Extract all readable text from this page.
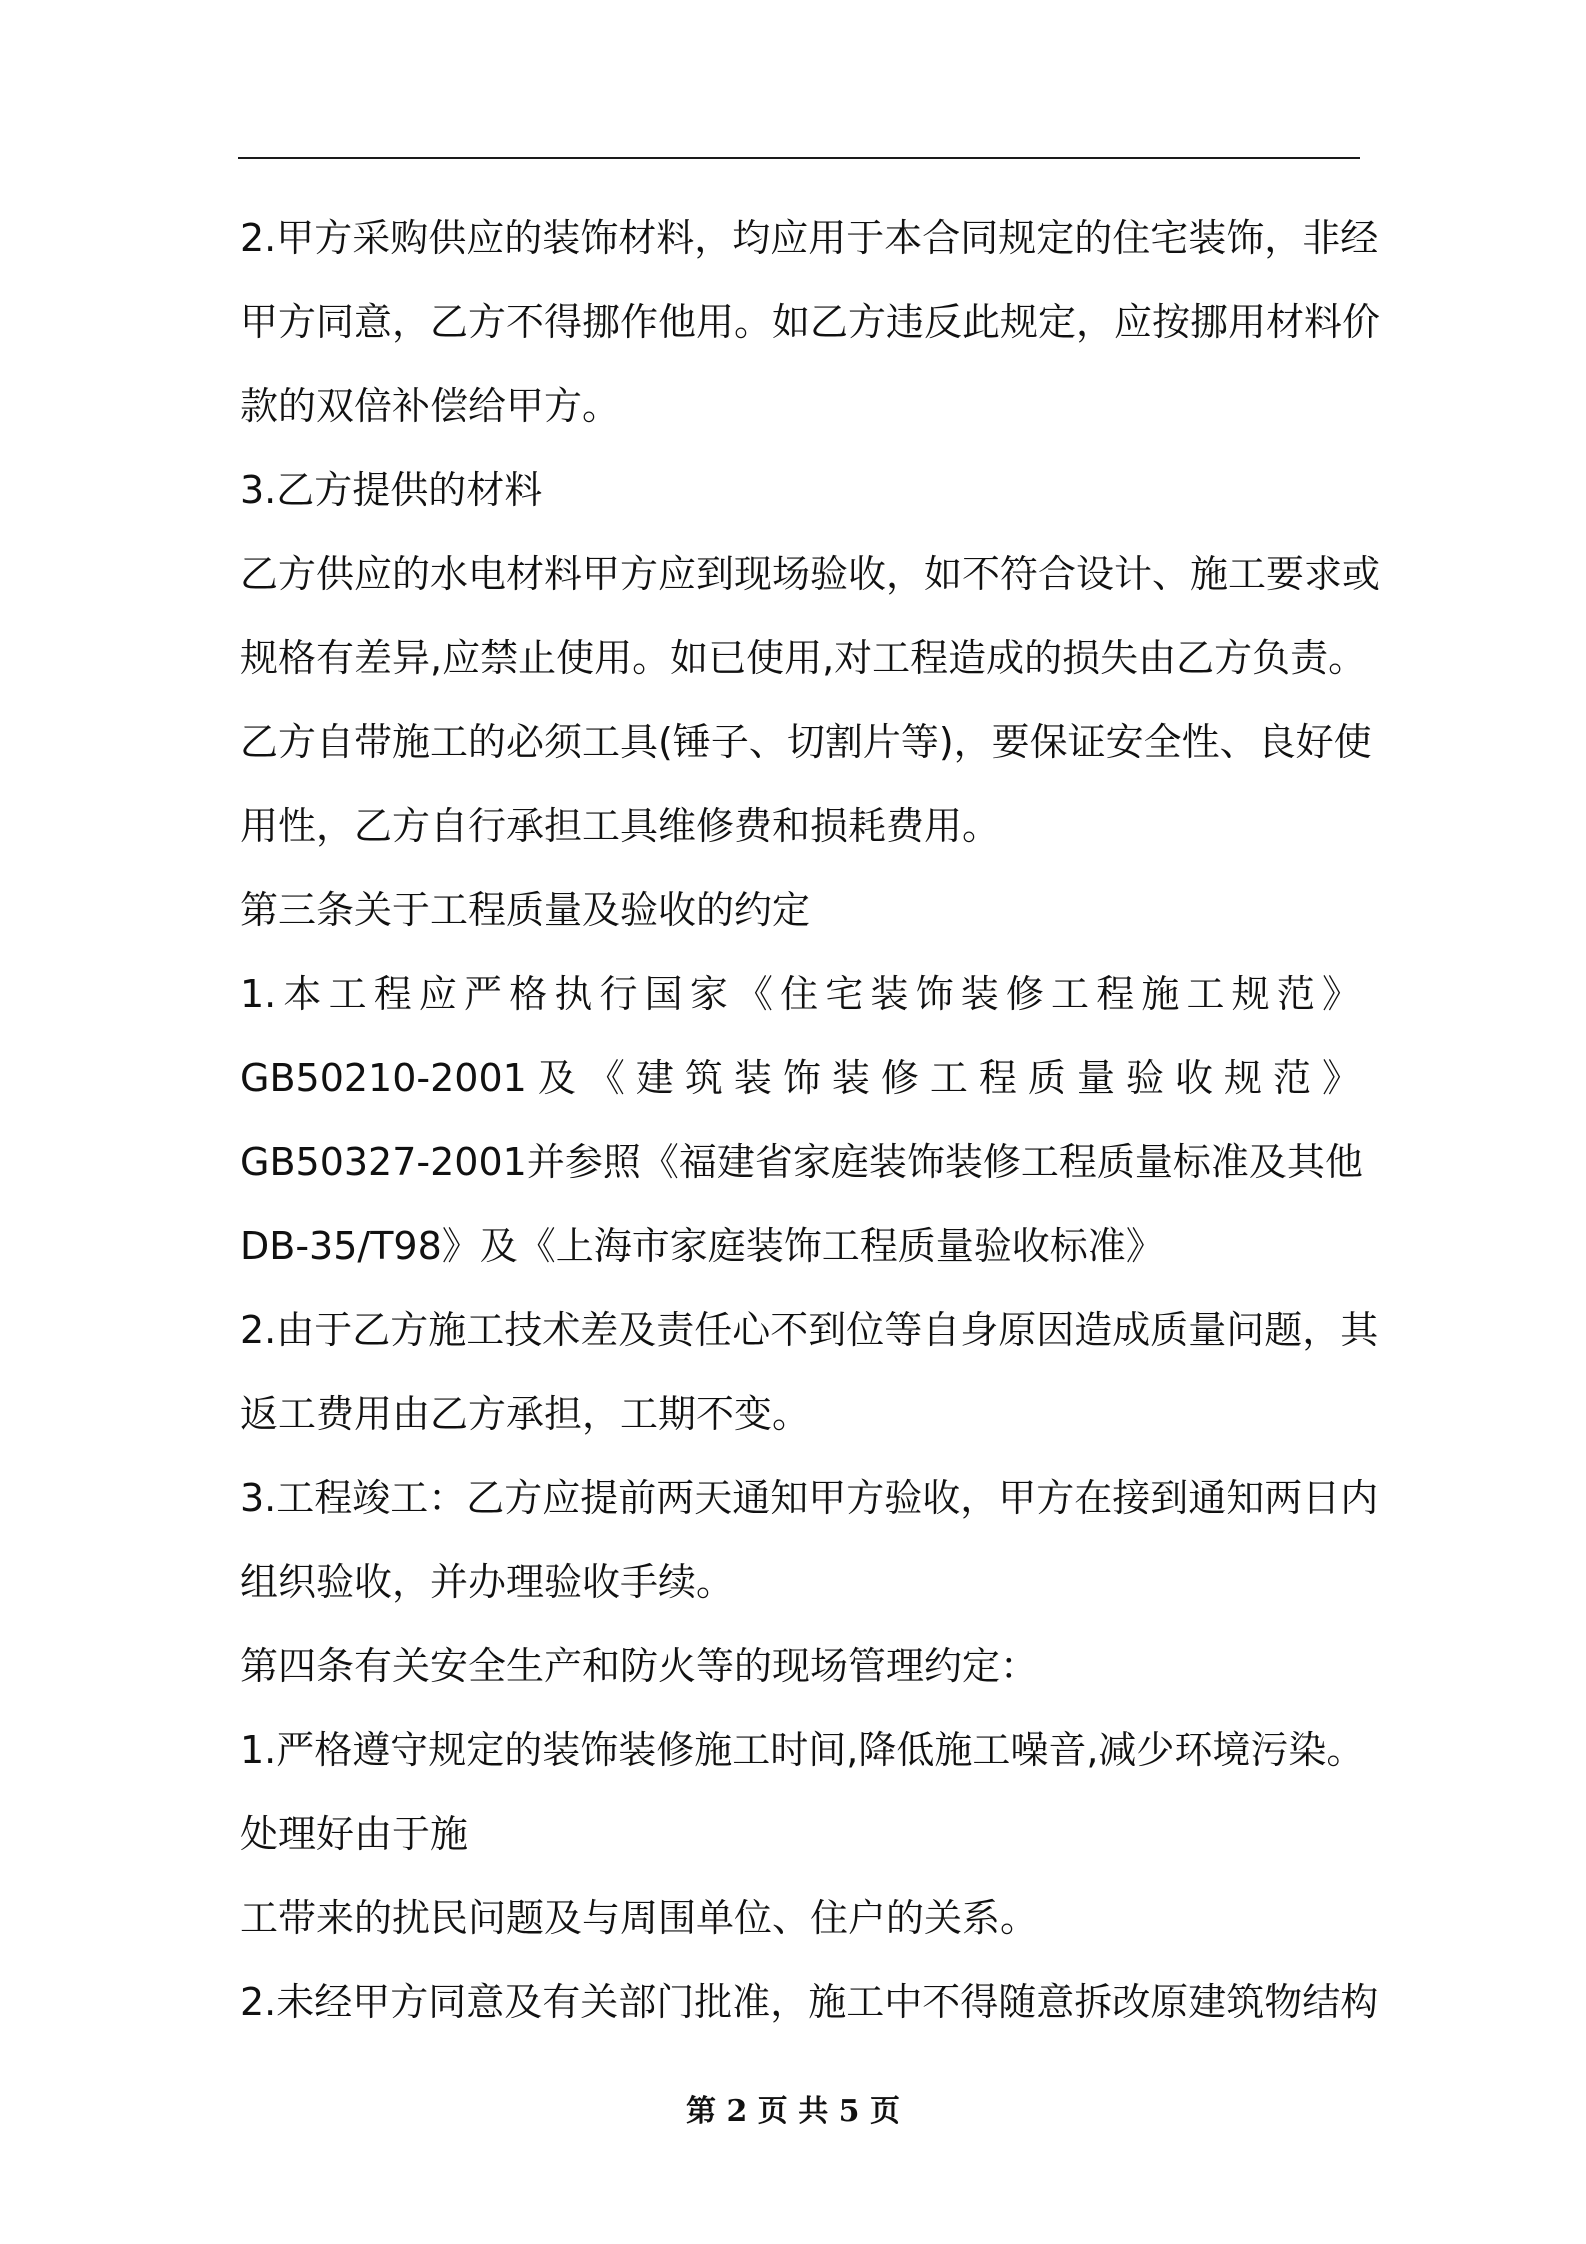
2.甲方采购供应的装饰材料，均应用于本合同规定的住宅装饰，非经
甲方同意，乙方不得挪作他用。如乙方违反此规定，应按挪用材料价
款的双倍补偿给甲方。
3.乙方提供的材料
乙方供应的水电材料甲方应到现场验收，如不符合设计、施工要求或
规格有差异,应禁止使用。如已使用,对工程造成的损失由乙方负责。
乙方自带施工的必须工具(锤子、切割片等)，要保证安全性、良好使
用性，乙方自行承担工具维修费和损耗费用。
第三条关于工程质量及验收的约定
1.本工程应严格执行国家《住宅装饰装修工程施工规范》
GB50210-2001及《建筑装饰装修工程质量验收规范》
GB50327-2001并参照《福建省家庭装饰装修工程质量标准及其他
DB-35/T98》及《上海市家庭装饰工程质量验收标准》
2.由于乙方施工技术差及责任心不到位等自身原因造成质量问题，其
返工费用由乙方承担，工期不变。
3.工程竣工：乙方应提前两天通知甲方验收，甲方在接到通知两日内
组织验收，并办理验收手续。
第四条有关安全生产和防火等的现场管理约定：
1.严格遵守规定的装饰装修施工时间,降低施工噪音,减少环境污染。
处理好由于施
工带来的扰民问题及与周围单位、住户的关系。
2.未经甲方同意及有关部门批准，施工中不得随意拆改原建筑物结构
第 2 页 共 5 页
